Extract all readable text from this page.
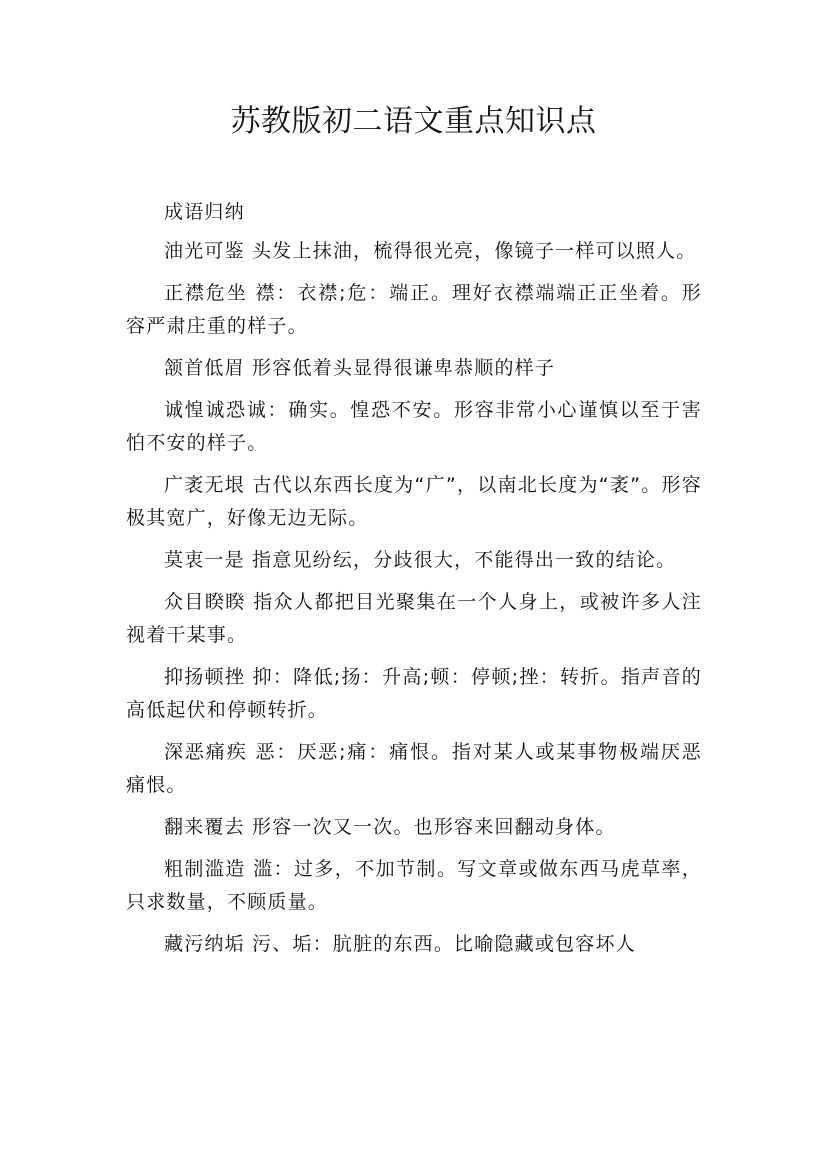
苏教版初二语文重点知识点

成语归纳

油光可鉴 头发上抹油，梳得很光亮，像镜子一样可以照人。

正襟危坐 襟：衣襟;危：端正。理好衣襟端端正正坐着。形容严肃庄重的样子。

颔首低眉 形容低着头显得很谦卑恭顺的样子

诚惶诚恐诚：确实。惶恐不安。形容非常小心谨慎以至于害怕不安的样子。

广袤无垠 古代以东西长度为“广”，以南北长度为“袤”。形容极其宽广，好像无边无际。

莫衷一是 指意见纷纭，分歧很大，不能得出一致的结论。

众目睽睽 指众人都把目光聚集在一个人身上，或被许多人注视着干某事。

抑扬顿挫 抑：降低;扬：升高;顿：停顿;挫：转折。指声音的高低起伏和停顿转折。

深恶痛疾 恶：厌恶;痛：痛恨。指对某人或某事物极端厌恶痛恨。

翻来覆去 形容一次又一次。也形容来回翻动身体。

粗制滥造 滥：过多，不加节制。写文章或做东西马虎草率，只求数量，不顾质量。

藏污纳垢 污、垢：肮脏的东西。比喻隐藏或包容坏人
